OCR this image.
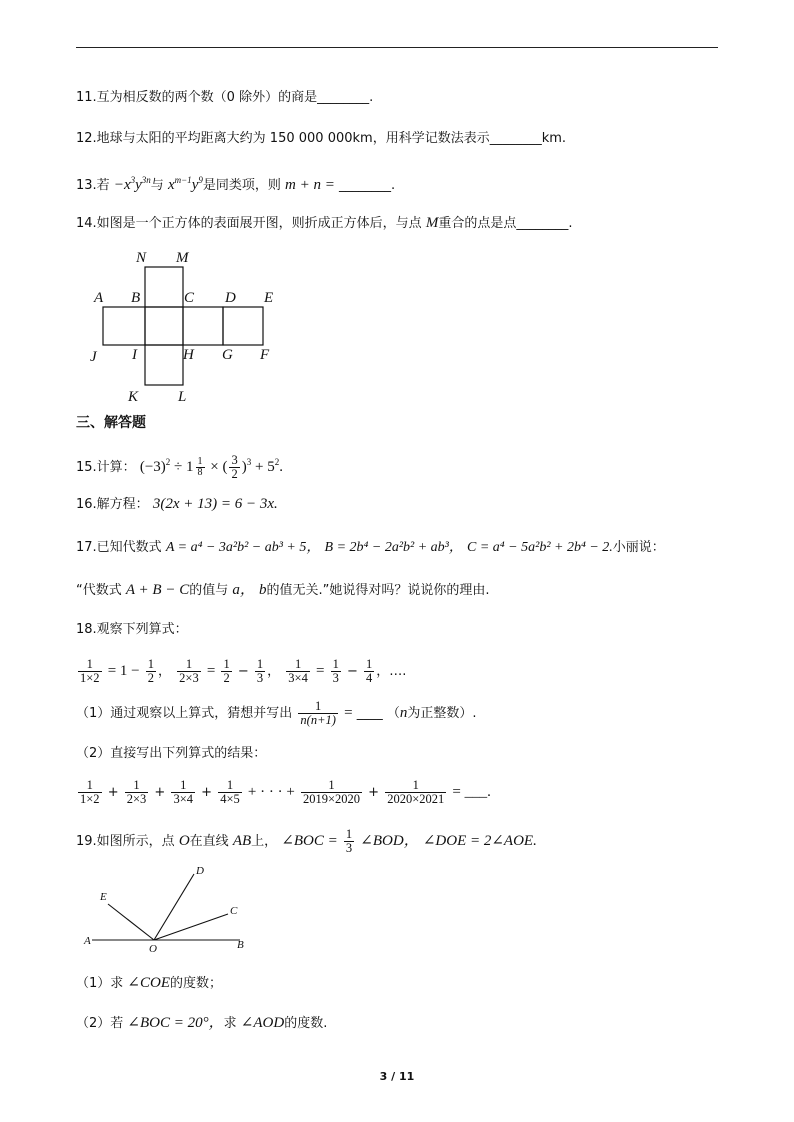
11.互为相反数的两个数（0 除外）的商是________.
12.地球与太阳的平均距离大约为 150 000 000km，用科学记数法表示________km.
13.若 $-x^3y^{3n}$与 $x^{m-1}y^9$是同类项，则 m + n = ________.
14.如图是一个正方体的表面展开图，则折成正方体后，与点 M重合的点是点________.
N M
A B	C D E
J I	H G F
K	L
三、解答题
15.计算： $(-3)^2 \div 1 \frac{1}{8}$ × ( $\frac{3}{2} )^3 + 5^2$.
16.解方程： 3(2x + 13) = 6 − 3x.
17.已知代数式 A = a⁴ − 3a²b² − ab³ + 5， B = 2b⁴ − 2a²b² + ab³， C = a⁴ − 5a²b² + 2b⁴ − 2.小丽说：
“代数式 A + B − C的值与 a， b的值无关.”她说得对吗？说说你的理由.
18.观察下列算式：
$\frac{1}{1\times 2} = 1 - \frac{1}{2}$ ， $\frac{1}{2\times 3} = \frac{1}{2} - \frac{1}{3}$ ， $\frac{1}{3\times 4} = \frac{1}{3} - \frac{1}{4}$ ，….
（1）通过观察以上算式，猜想并写出 $\frac{1}{n(n+1)}$ = ____ （n为正整数）.
（2）直接写出下列算式的结果：
$\frac{1}{1\times 2} + \frac{1}{2\times 3} + \frac{1}{3\times 4} + \frac{1}{4\times 5}$ + · · · + $\frac{1}{2019\times 2020} + \frac{1}{2020\times 2021}$ = ___.
19.如图所示，点 O在直线 AB上， ∠BOC = $\frac{1}{3}$ ∠BOD， ∠DOE = 2∠AOE.
D
E
C
A
O	B
（1）求 ∠COE的度数；
（2）若 ∠BOC = 20°，求 ∠AOD的度数.
3 / 11
